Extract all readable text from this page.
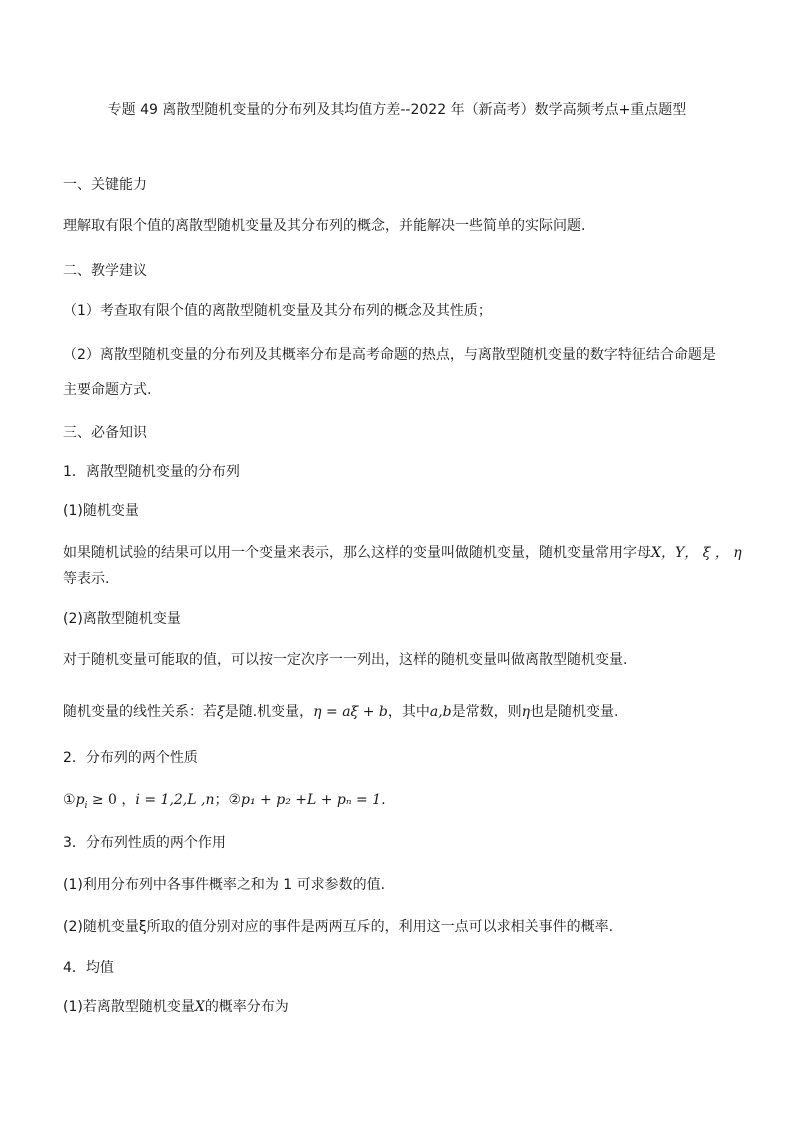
专题 49 离散型随机变量的分布列及其均值方差--2022 年（新高考）数学高频考点+重点题型
一、关键能力
理解取有限个值的离散型随机变量及其分布列的概念，并能解决一些简单的实际问题.
二、教学建议
（1）考查取有限个值的离散型随机变量及其分布列的概念及其性质；
（2）离散型随机变量的分布列及其概率分布是高考命题的热点，与离散型随机变量的数字特征结合命题是
主要命题方式.
三、必备知识
1．离散型随机变量的分布列
(1)随机变量
如果随机试验的结果可以用一个变量来表示，那么这样的变量叫做随机变量，随机变量常用字母X，Y， ξ ， η
等表示.
(2)离散型随机变量
对于随机变量可能取的值，可以按一定次序一一列出，这样的随机变量叫做离散型随机变量.
随机变量的线性关系：若ξ是随.机变量，η = aξ + b，其中a,b是常数，则η也是随机变量.
2．分布列的两个性质
$①p_i \ge 0$ ，i = 1,2,L ,n；②p₁ + p₂ +L + pₙ = 1.
3．分布列性质的两个作用
(1)利用分布列中各事件概率之和为 1 可求参数的值.
(2)随机变量ξ所取的值分别对应的事件是两两互斥的，利用这一点可以求相关事件的概率.
4．均值
(1)若离散型随机变量X的概率分布为
